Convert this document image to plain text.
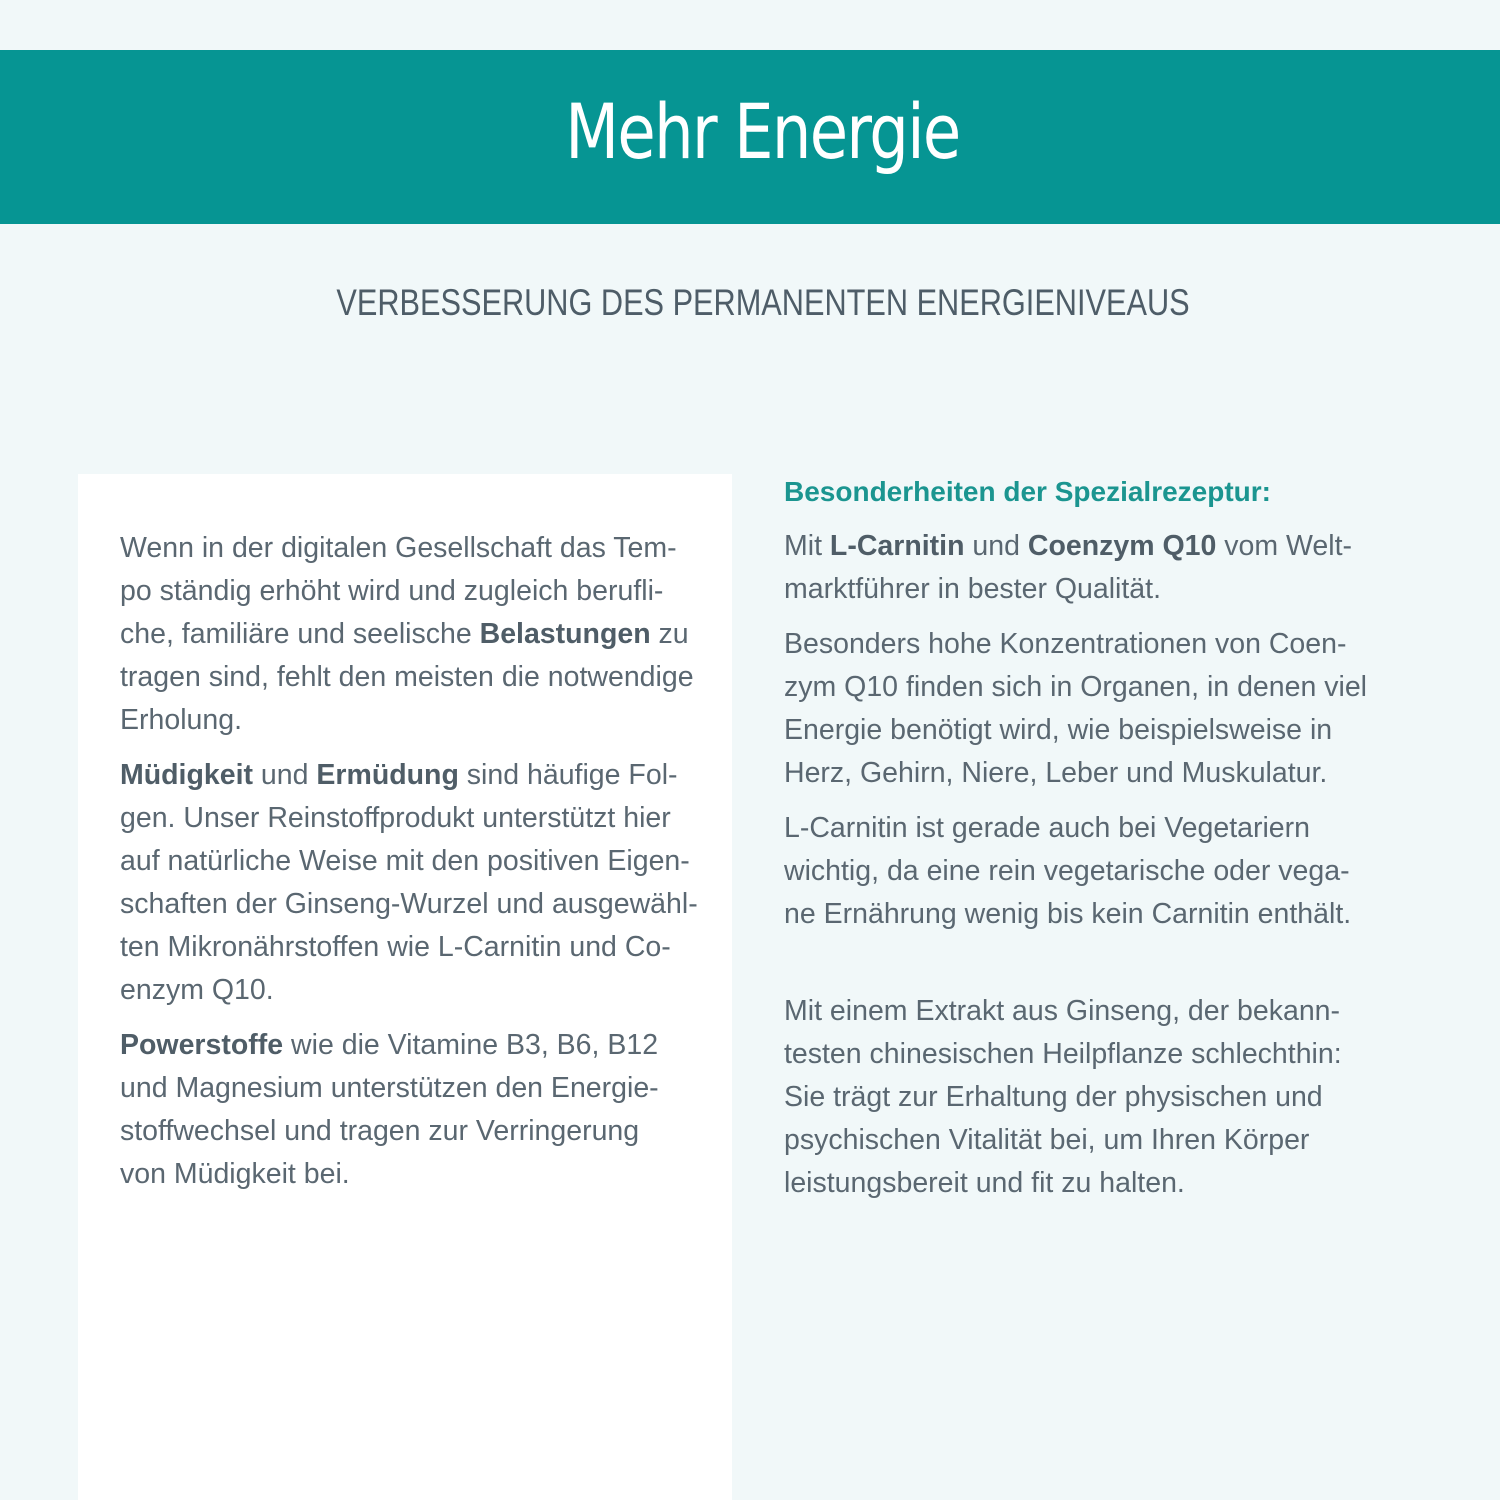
Mehr Energie
VERBESSERUNG DES PERMANENTEN ENERGIENIVEAUS

Wenn in der digitalen Gesellschaft das Tem-
po ständig erhöht wird und zugleich berufli-
che, familiäre und seelische Belastungen zu
tragen sind, fehlt den meisten die notwendige
Erholung.

Müdigkeit und Ermüdung sind häufige Fol-
gen. Unser Reinstoffprodukt unterstützt hier
auf natürliche Weise mit den positiven Eigen-
schaften der Ginseng-Wurzel und ausgewähl-
ten Mikronährstoffen wie L-Carnitin und Co-
enzym Q10.

Powerstoffe wie die Vitamine B3, B6, B12
und Magnesium unterstützen den Energie-
stoffwechsel und tragen zur Verringerung
von Müdigkeit bei.

Besonderheiten der Spezialrezeptur:

Mit L-Carnitin und Coenzym Q10 vom Welt-
marktführer in bester Qualität.

Besonders hohe Konzentrationen von Coen-
zym Q10 finden sich in Organen, in denen viel
Energie benötigt wird, wie beispielsweise in
Herz, Gehirn, Niere, Leber und Muskulatur.

L-Carnitin ist gerade auch bei Vegetariern
wichtig, da eine rein vegetarische oder vega-
ne Ernährung wenig bis kein Carnitin enthält.

Mit einem Extrakt aus Ginseng, der bekann-
testen chinesischen Heilpflanze schlechthin:
Sie trägt zur Erhaltung der physischen und
psychischen Vitalität bei, um Ihren Körper
leistungsbereit und fit zu halten.
